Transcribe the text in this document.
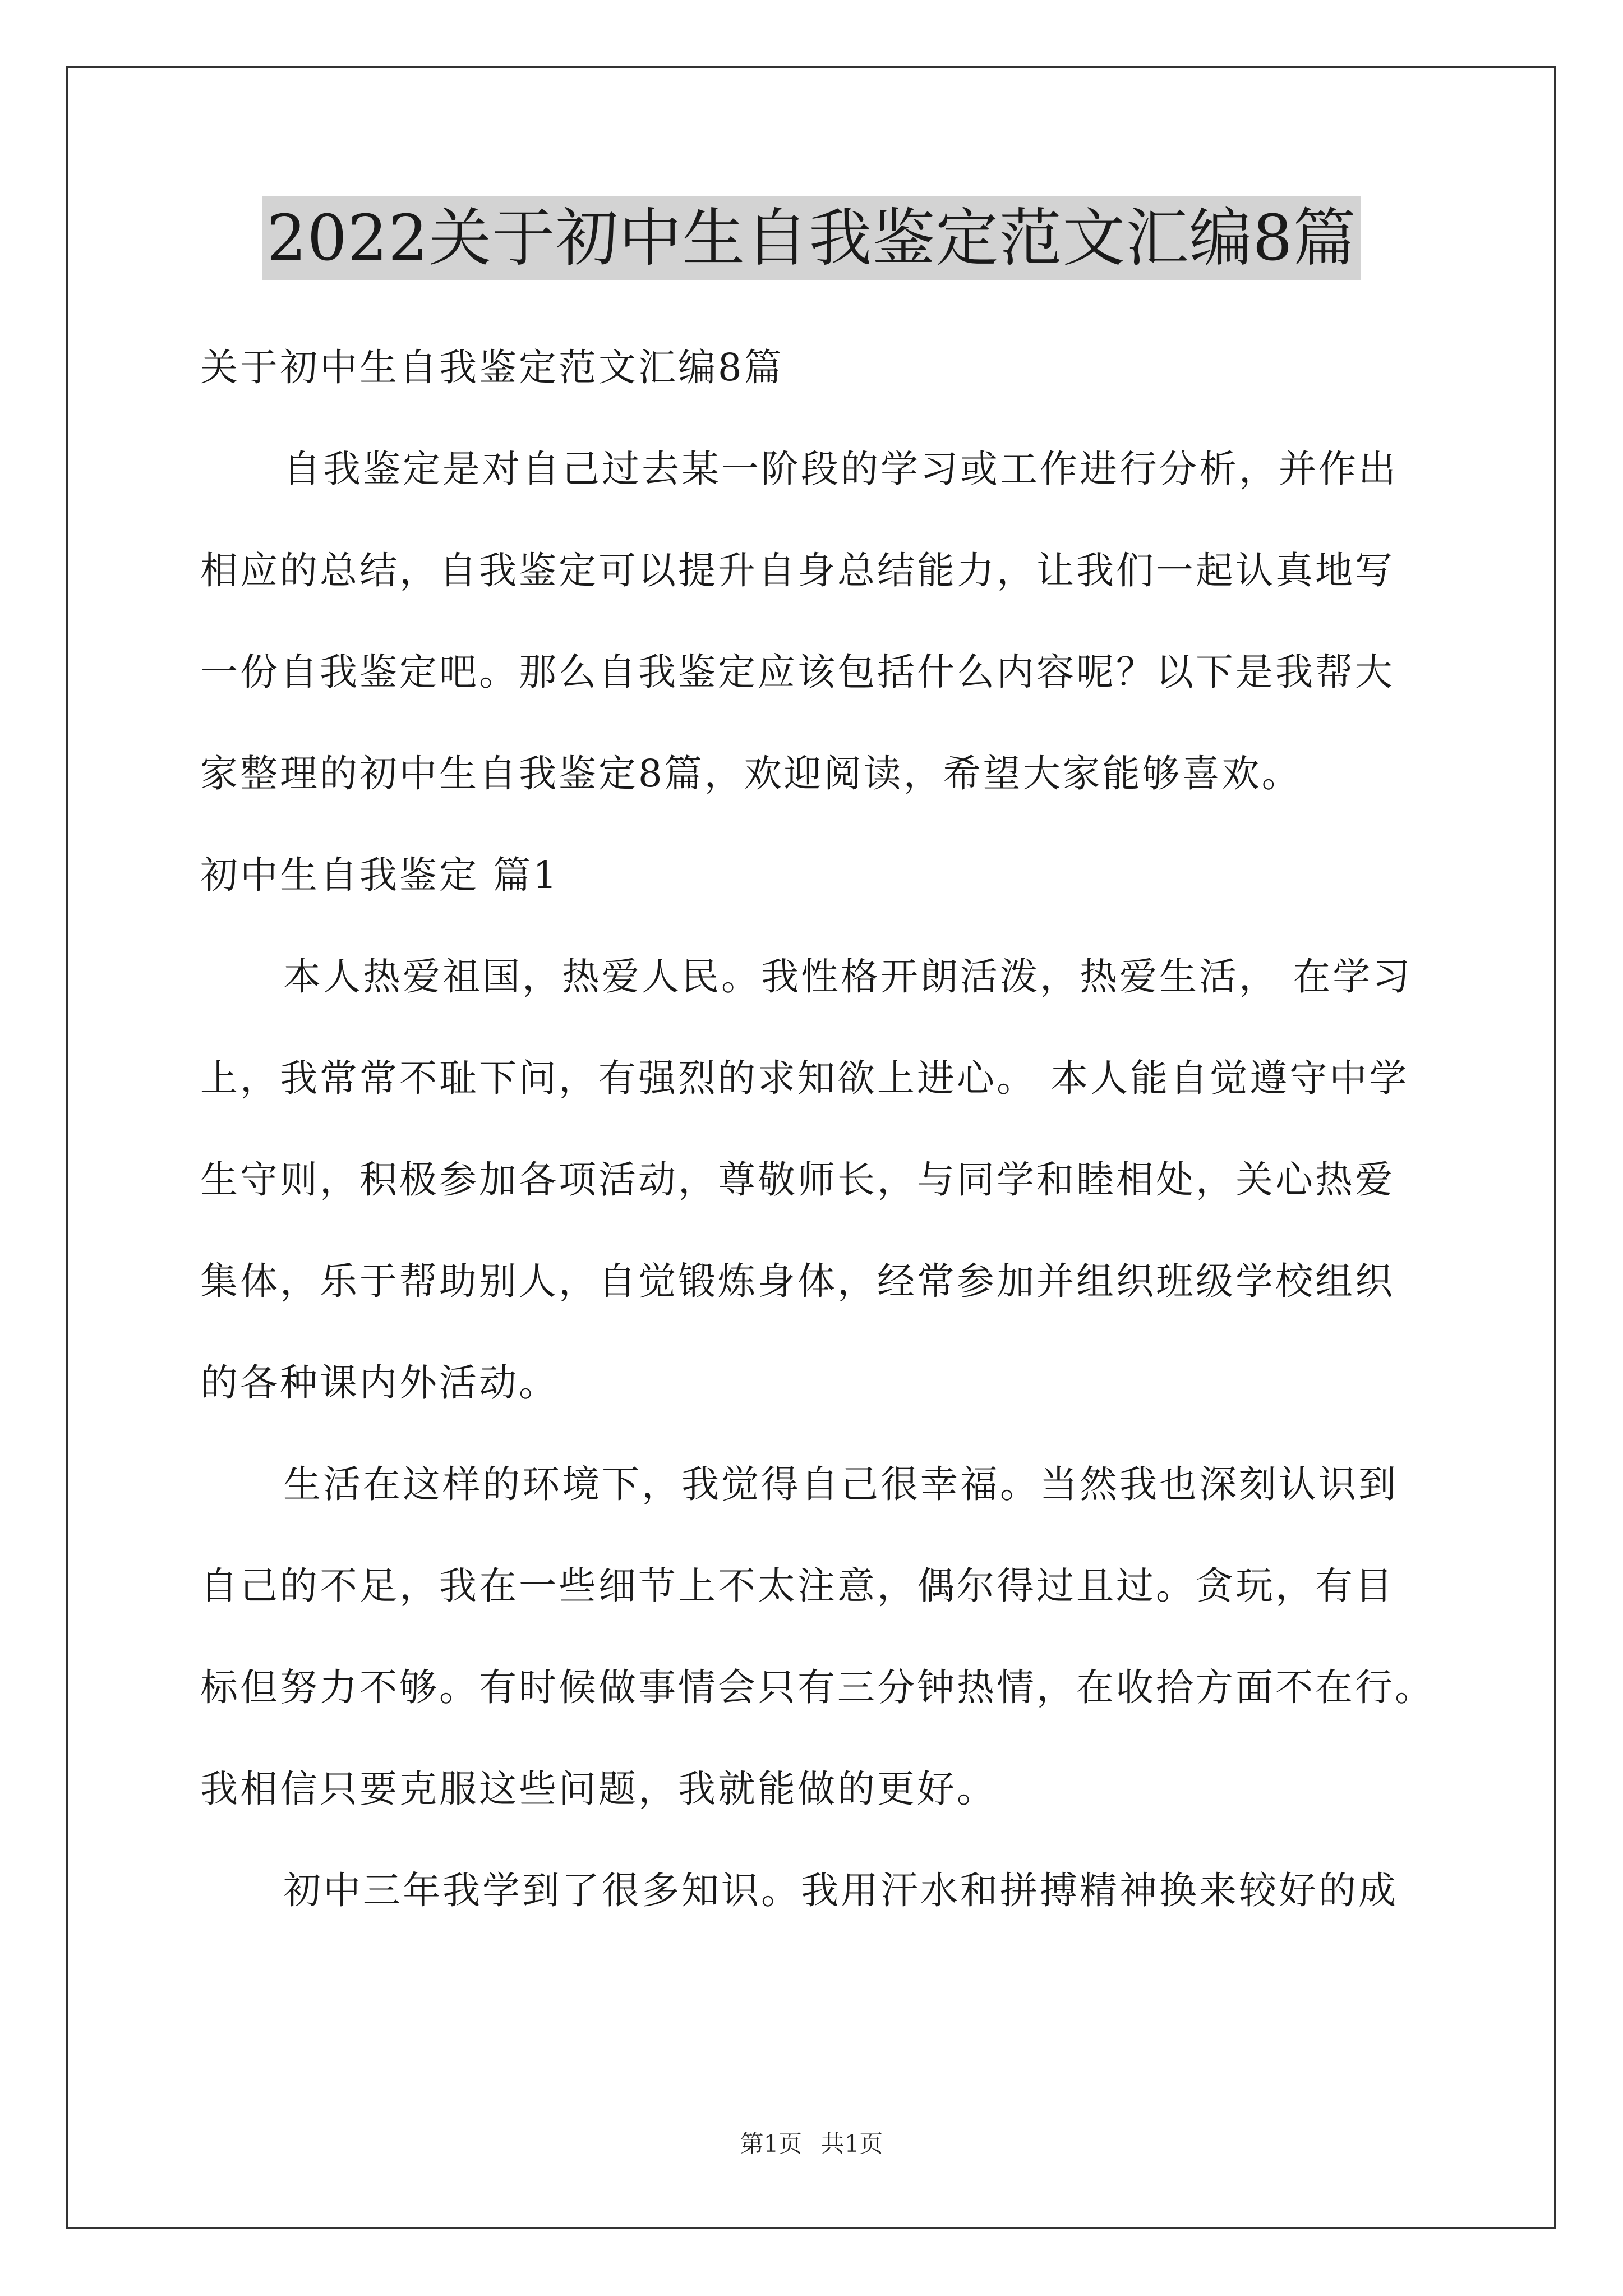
2022关于初中生自我鉴定范文汇编8篇
关于初中生自我鉴定范文汇编8篇
自我鉴定是对自己过去某一阶段的学习或工作进行分析，并作出
相应的总结，自我鉴定可以提升自身总结能力，让我们一起认真地写
一份自我鉴定吧。那么自我鉴定应该包括什么内容呢？以下是我帮大
家整理的初中生自我鉴定8篇，欢迎阅读，希望大家能够喜欢。
初中生自我鉴定 篇1
本人热爱祖国，热爱人民。我性格开朗活泼，热爱生活， 在学习
上，我常常不耻下问，有强烈的求知欲上进心。 本人能自觉遵守中学
生守则，积极参加各项活动，尊敬师长，与同学和睦相处，关心热爱
集体，乐于帮助别人，自觉锻炼身体，经常参加并组织班级学校组织
的各种课内外活动。
生活在这样的环境下，我觉得自己很幸福。当然我也深刻认识到
自己的不足，我在一些细节上不太注意，偶尔得过且过。贪玩，有目
标但努力不够。有时候做事情会只有三分钟热情，在收拾方面不在行。
我相信只要克服这些问题，我就能做的更好。
初中三年我学到了很多知识。我用汗水和拼搏精神换来较好的成
第1页 共1页
